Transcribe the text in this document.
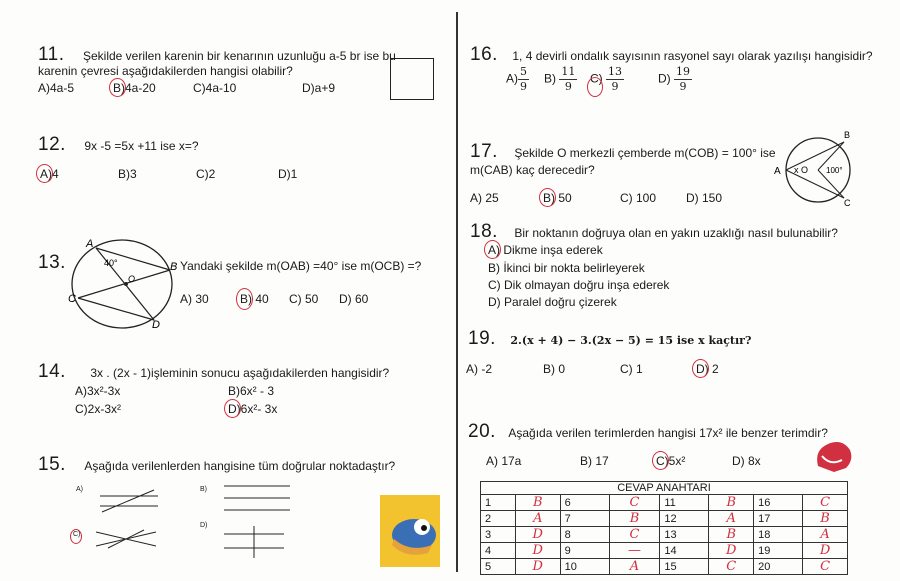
11. Şekilde verilen karenin bir kenarının uzunluğu a-5 br ise bu
karenin çevresi aşağıdakilerden hangisi olabilir?
A)4a-5	B)4a-20	C)4a-10	D)a+9
12. 9x -5 =5x +11 ise x=?
A)4	B)3	C)2	D)1
13.
A
40°	B
C
O
D
Yandaki şekilde m(OAB) =40° ise m(OCB) =?
A) 30	B) 40 C) 50 D) 60
14. 3x . (2x - 1)işleminin sonucu aşağıdakilerden hangisidir?
A)3x²-3x	B)6x² - 3
C)2x-3x²	D)6x²- 3x
15. Aşağıda verilenlerden hangisine tüm doğrular noktadaştır?
A)	B)
C)
D)
16. 1, 4 devirli ondalık sayısının rasyonel sayı olarak yazılışı hangisidir?
$A) \frac{5}{9} B) \frac{11}{9} C) \frac{13}{9}$	$D) \frac{19}{9}$
17. Şekilde O merkezli çemberde m(COB) = 100° ise
m(CAB) kaç derecedir?	A
B
C
x O 100°
A) 25	B) 50	C) 100 D) 150
18. Bir noktanın doğruya olan en yakın uzaklığı nasıl bulunabilir?
A) Dikme inşa ederek
B) İkinci bir nokta belirleyerek
C) Dik olmayan doğru inşa ederek
D) Paralel doğru çizerek
19. 2.(x + 4) − 3.(2x − 5) = 15 ise x kaçtır?
A) -2	B) 0	C) 1	D) 2
20. Aşağıda verilen terimlerden hangisi 17x² ile benzer terimdir?
A) 17a	B) 17	C)5x²	D) 8x
CEVAP ANAHTARI
1	B	6	C	11	B	16	C
2	A	7	B	12	A	17	B
3	D	8	C	13	B	18	A
4	D	9	—	14	D	19	D
5	D	10	A	15	C	20	C
